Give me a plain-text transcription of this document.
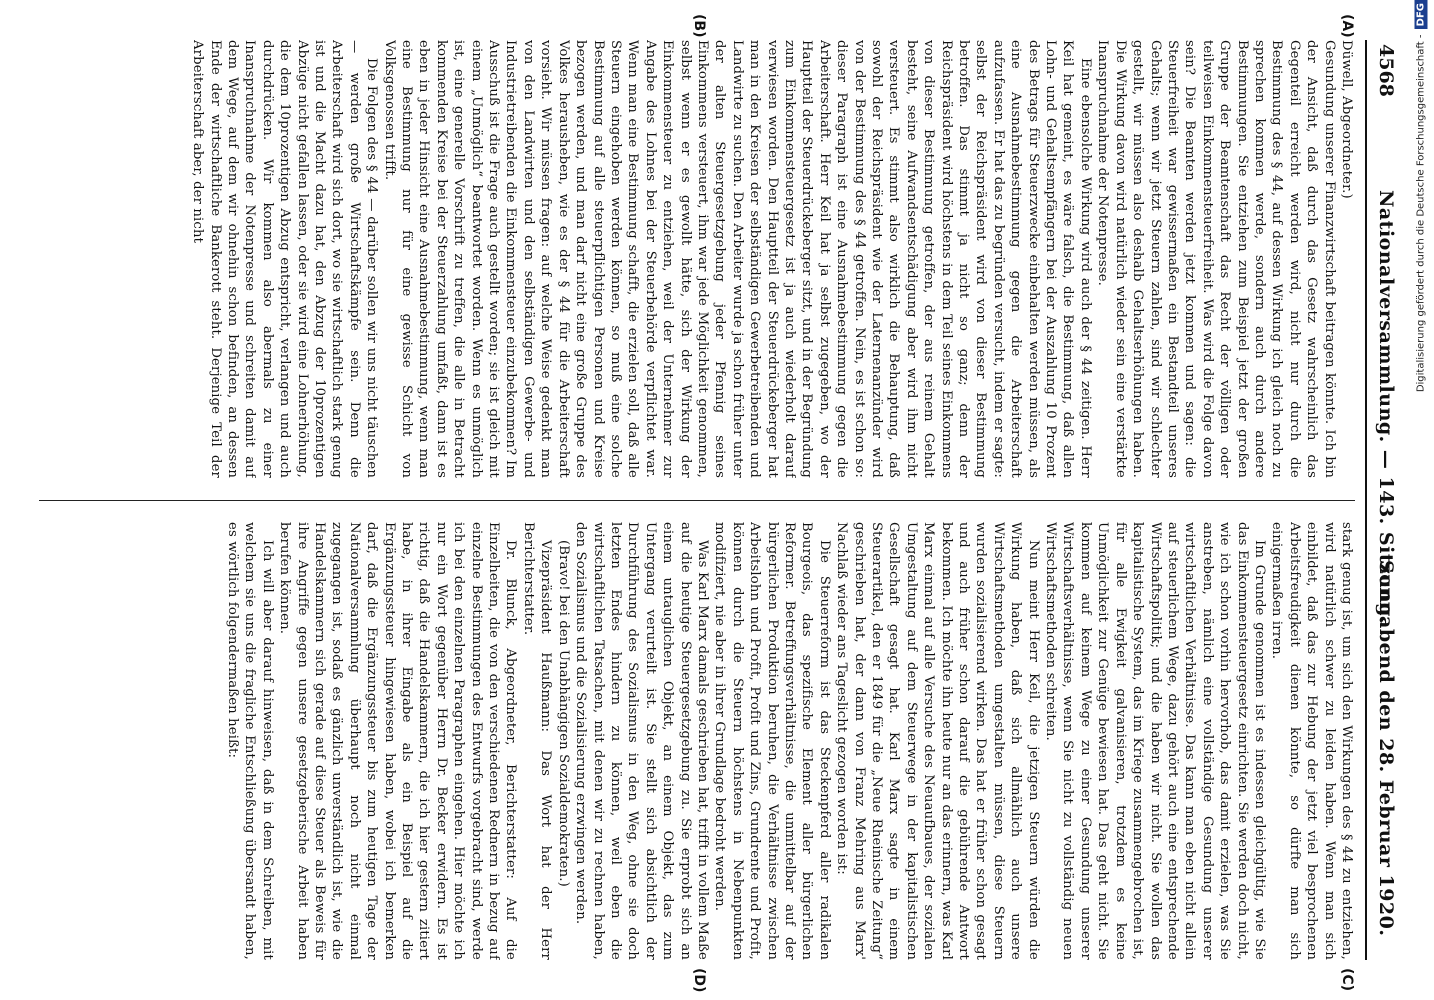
4568
Nationalversammlung. — 143. Sitzung.
Sonnabend den 28. Februar 1920.
(A)
(B)
(C)
(D)

Düwell, Abgeordneter.)

Gesundung unserer Finanzwirtschaft beitragen könnte. Ich bin der Ansicht, daß durch das Gesetz wahrscheinlich das Gegenteil erreicht werden wird, nicht nur durch die Bestimmung des § 44, auf dessen Wirkung ich gleich noch zu sprechen kommen werde, sondern auch durch andere Bestimmungen. Sie entziehen zum Beispiel jetzt der großen Gruppe der Beamtenschaft das Recht der völligen oder teilweisen Einkommensteuerfreiheit. Was wird die Folge davon sein? Die Beamten werden jetzt kommen und sagen: die Steuerfreiheit war gewissermaßen ein Bestandteil unseres Gehalts; wenn wir jetzt Steuern zahlen, sind wir schlechter gestellt, wir müssen also deshalb Gehaltserhöhungen haben. Die Wirkung davon wird natürlich wieder sein eine verstärkte Inanspruchnahme der Notenpresse.

Eine ebensolche Wirkung wird auch der § 44 zeitigen. Herr Keil hat gemeint, es wäre falsch, die Bestimmung, daß allen Lohn- und Gehaltsempfängern bei der Auszahlung 10 Prozent des Betrags für Steuerzwecke einbehalten werden müssen, als eine Ausnahmebestimmung gegen die Arbeiterschaft aufzufassen. Er hat das zu begründen versucht, indem er sagte: selbst der Reichspräsident wird von dieser Bestimmung betroffen. Das stimmt ja nicht so ganz; denn der Reichspräsident wird höchstens in dem Teil seines Einkommens von dieser Bestimmung getroffen, der aus reinem Gehalt besteht, seine Aufwandsentschädigung aber wird ihm nicht versteuert. Es stimmt also wirklich die Behauptung, daß sowohl der Reichspräsident wie der Laternenanzünder wird von der Bestimmung des § 44 getroffen. Nein, es ist schon so: dieser Paragraph ist eine Ausnahmebestimmung gegen die Arbeiterschaft. Herr Keil hat ja selbst zugegeben, wo der Hauptteil der Steuerdrückeberger sitzt, und in der Begründung zum Einkommensteuergesetz ist ja auch wiederholt darauf verwiesen worden. Den Hauptteil der Steuerdrückeberger hat man in den Kreisen der selbständigen Gewerbetreibenden und Landwirte zu suchen. Den Arbeiter wurde ja schon früher unter der alten Steuergesetzgebung jeder Pfennig seines Einkommens versteuert, ihm war jede Möglichkeit genommen, selbst wenn er es gewollt hätte, sich der Wirkung der Einkommensteuer zu entziehen, weil der Unternehmer zur Angabe des Lohnes bei der Steuerbehörde verpflichtet war. Wenn man eine Bestimmung schafft, die erzielen soll, daß alle Steuern eingehoben werden können, so muß eine solche Bestimmung auf alle steuerpflichtigen Personen und Kreise bezogen werden, und man darf nicht eine große Gruppe des Volkes herausheben, wie es der § 44 für die Arbeiterschaft vorsieht. Wir müssen fragen: auf welche Weise gedenkt man von den Landwirten und den selbständigen Gewerbe- und Industrietreibenden die Einkommensteuer einzubekommen? Im Ausschuß ist die Frage auch gestellt worden; sie ist gleich mit einem „Unmöglich“ beantwortet worden. Wenn es unmöglich ist, eine generelle Vorschrift zu treffen, die alle in Betracht kommenden Kreise bei der Steuerzahlung umfaßt, dann ist es eben in jeder Hinsicht eine Ausnahmebestimmung, wenn man eine Bestimmung nur für eine gewisse Schicht von Volksgenossen trifft.

Die Folgen des § 44 — darüber sollen wir uns nicht täuschen — werden große Wirtschaftskämpfe sein. Denn die Arbeiterschaft wird sich dort, wo sie wirtschaftlich stark genug ist und die Macht dazu hat, den Abzug der 10prozentigen Abzüge nicht gefallen lassen, oder sie wird eine Lohnerhöhung, die dem 10prozentigen Abzug entspricht, verlangen und auch durchdrücken. Wir kommen also abermals zu einer Inanspruchnahme der Notenpresse und schreiten damit auf dem Wege, auf dem wir ohnehin schon befinden, an dessen Ende der wirtschaftliche Bankerott steht. Derjenige Teil der Arbeiterschaft aber, der nicht

stark genug ist, um sich den Wirkungen des § 44 zu entziehen, wird natürlich schwer zu leiden haben. Wenn man sich einbildet, daß das zur Hebung der jetzt viel besprochenen Arbeitsfreudigkeit dienen könnte, so dürfte man sich einigermaßen irren.

Im Grunde genommen ist es indessen gleichgültig, wie Sie das Einkommensteuergesetz einrichten. Sie werden doch nicht, wie ich schon vorhin hervorhob, das damit erzielen, was Sie anstreben, nämlich eine vollständige Gesundung unserer wirtschaftlichen Verhältnisse. Das kann man eben nicht allein auf steuerlichem Wege, dazu gehört auch eine entsprechende Wirtschaftspolitik; und die haben wir nicht. Sie wollen das kapitalistische System, das im Kriege zusammengebrochen ist, für alle Ewigkeit galvanisieren, trotzdem es keine Unmöglichkeit zur Genüge bewiesen hat. Das geht nicht. Sie kommen auf keinem Wege zu einer Gesundung unserer Wirtschaftsverhältnisse, wenn Sie nicht zu vollständig neuen Wirtschaftsmethoden schreiten.

Nun meint Herr Keil, die jetzigen Steuern würden die Wirkung haben, daß sich allmählich auch unsere Wirtschaftsmethoden umgestalten müssen, diese Steuern wurden sozialisierend wirken. Das hat er früher schon gesagt und auch früher schon darauf die gebührende Antwort bekommen. Ich möchte ihn heute nur an das erinnern, was Karl Marx einmal auf alle Versuche des Neuaufbaues, der sozialen Umgestaltung auf dem Steuerwege in der kapitalistischen Gesellschaft gesagt hat. Karl Marx sagte in einem Steuerartikel, den er 1849 für die „Neue Rheinische Zeitung“ geschrieben hat, der dann von Franz Mehring aus Marx' Nachlaß wieder ans Tageslicht gezogen worden ist:

Die Steuerreform ist das Steckenpferd aller radikalen Bourgeois, das spezifische Element aller bürgerlichen Reformer. Betreffungsverhältnisse, die unmittelbar auf der bürgerlichen Produktion beruhen, die Verhältnisse zwischen Arbeitslohn und Profit, Profit und Zins, Grundrente und Profit, können durch die Steuern höchstens in Nebenpunkten modifiziert, nie aber in ihrer Grundlage bedroht werden.

Was Karl Marx damals geschrieben hat, trifft in vollem Maße auf die heutige Steuergesetzgebung zu. Sie erprobt sich an einem untauglichen Objekt, an einem Objekt, das zum Untergang verurteilt ist. Sie stellt sich absichtlich der Durchführung des Sozialismus in den Weg, ohne sie doch letzten Endes hindern zu können, weil eben die wirtschaftlichen Tatsachen, mit denen wir zu rechnen haben, den Sozialismus und die Sozialisierung erzwingen werden.

(Bravo! bei den Unabhängigen Sozialdemokraten.)

Vizepräsident Haußmann: Das Wort hat der Herr Berichterstatter.

Dr. Blunck, Abgeordneter, Berichterstatter: Auf die Einzelheiten, die von den verschiedenen Rednern in bezug auf einzelne Bestimmungen des Entwurfs vorgebracht sind, werde ich bei den einzelnen Paragraphen eingehen. Hier möchte ich nur ein Wort gegenüber Herrn Dr. Becker erwidern. Es ist richtig, daß die Handelskammern, die ich hier gestern zitiert habe, in ihrer Eingabe als ein Beispiel auf die Ergänzungssteuer hingewiesen haben, wobei ich bemerken darf, daß die Ergänzungssteuer bis zum heutigen Tage der Nationalversammlung überhaupt noch nicht einmal zugegangen ist, sodaß es gänzlich unverständlich ist, wie die Handelskammern sich gerade auf diese Steuer als Beweis für ihre Angriffe gegen unsere gesetzgeberische Arbeit haben berufen können.

Ich will aber darauf hinweisen, daß in dem Schreiben, mit welchem sie uns die fragliche Entschließung übersandt haben, es wörtlich folgendermaßen heißt:

Digitalisierung gefördert durch die Deutsche Forschungsgemeinschaft - DFG
